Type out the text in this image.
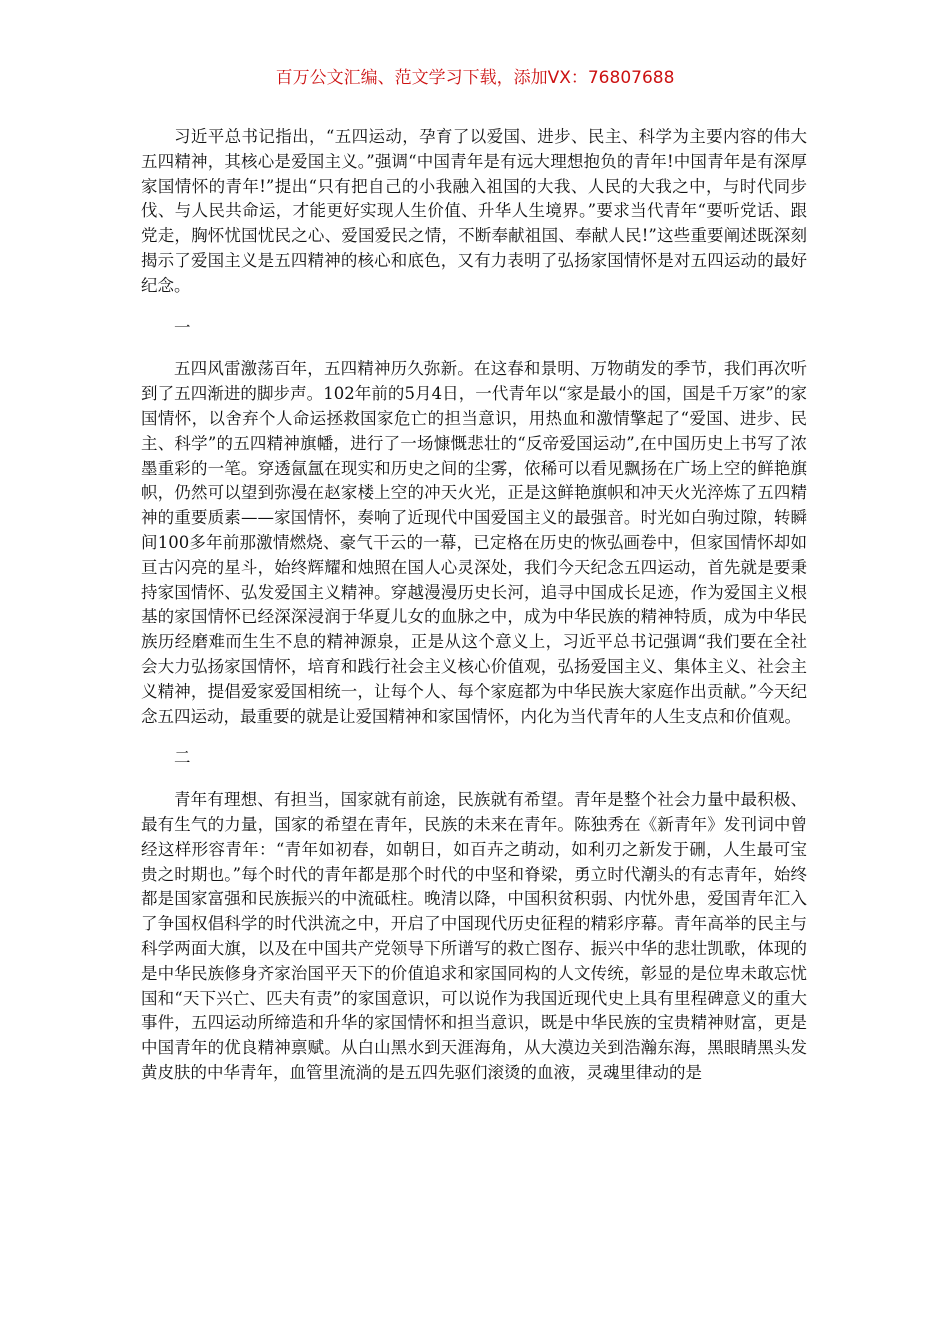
百万公文汇编、范文学习下载，添加VX：76807688

习近平总书记指出，“五四运动，孕育了以爱国、进步、民主、科学为主要内容的伟大五四精神，其核心是爱国主义。”强调“中国青年是有远大理想抱负的青年!中国青年是有深厚家国情怀的青年!”提出“只有把自己的小我融入祖国的大我、人民的大我之中，与时代同步伐、与人民共命运，才能更好实现人生价值、升华人生境界。”要求当代青年“要听党话、跟党走，胸怀忧国忧民之心、爱国爱民之情，不断奉献祖国、奉献人民!”这些重要阐述既深刻揭示了爱国主义是五四精神的核心和底色，又有力表明了弘扬家国情怀是对五四运动的最好纪念。

一

五四风雷激荡百年，五四精神历久弥新。在这春和景明、万物萌发的季节，我们再次听到了五四渐进的脚步声。102年前的5月4日，一代青年以“家是最小的国，国是千万家”的家国情怀，以舍弃个人命运拯救国家危亡的担当意识，用热血和激情擎起了“爱国、进步、民主、科学”的五四精神旗幡，进行了一场慷慨悲壮的“反帝爱国运动”,在中国历史上书写了浓墨重彩的一笔。穿透氤氲在现实和历史之间的尘雾，依稀可以看见飘扬在广场上空的鲜艳旗帜，仍然可以望到弥漫在赵家楼上空的冲天火光，正是这鲜艳旗帜和冲天火光淬炼了五四精神的重要质素——家国情怀，奏响了近现代中国爱国主义的最强音。时光如白驹过隙，转瞬间100多年前那激情燃烧、豪气干云的一幕，已定格在历史的恢弘画卷中，但家国情怀却如亘古闪亮的星斗，始终辉耀和烛照在国人心灵深处，我们今天纪念五四运动，首先就是要秉持家国情怀、弘发爱国主义精神。穿越漫漫历史长河，追寻中国成长足迹，作为爱国主义根基的家国情怀已经深深浸润于华夏儿女的血脉之中，成为中华民族的精神特质，成为中华民族历经磨难而生生不息的精神源泉，正是从这个意义上，习近平总书记强调“我们要在全社会大力弘扬家国情怀，培育和践行社会主义核心价值观，弘扬爱国主义、集体主义、社会主义精神，提倡爱家爱国相统一，让每个人、每个家庭都为中华民族大家庭作出贡献。”今天纪念五四运动，最重要的就是让爱国精神和家国情怀，内化为当代青年的人生支点和价值观。

二

青年有理想、有担当，国家就有前途，民族就有希望。青年是整个社会力量中最积极、最有生气的力量，国家的希望在青年，民族的未来在青年。陈独秀在《新青年》发刊词中曾经这样形容青年：“青年如初春，如朝日，如百卉之萌动，如利刃之新发于硎，人生最可宝贵之时期也。”每个时代的青年都是那个时代的中坚和脊梁，勇立时代潮头的有志青年，始终都是国家富强和民族振兴的中流砥柱。晚清以降，中国积贫积弱、内忧外患，爱国青年汇入了争国权倡科学的时代洪流之中，开启了中国现代历史征程的精彩序幕。青年高举的民主与科学两面大旗，以及在中国共产党领导下所谱写的救亡图存、振兴中华的悲壮凯歌，体现的是中华民族修身齐家治国平天下的价值追求和家国同构的人文传统，彰显的是位卑未敢忘忧国和“天下兴亡、匹夫有责”的家国意识，可以说作为我国近现代史上具有里程碑意义的重大事件，五四运动所缔造和升华的家国情怀和担当意识，既是中华民族的宝贵精神财富，更是中国青年的优良精神禀赋。从白山黑水到天涯海角，从大漠边关到浩瀚东海，黑眼睛黑头发黄皮肤的中华青年，血管里流淌的是五四先驱们滚烫的血液，灵魂里律动的是
